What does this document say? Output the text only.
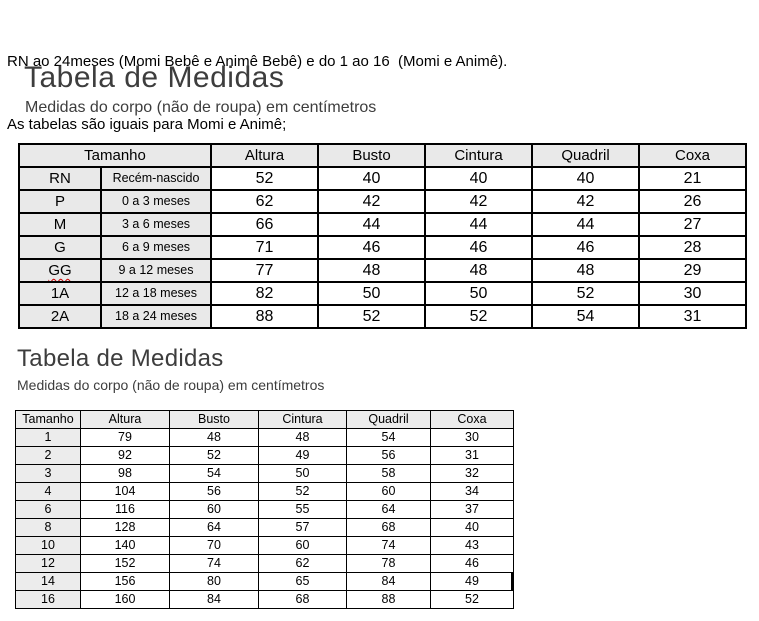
RN ao 24meses (Momi Bebê e Animê Bebê) e do 1 ao 16  (Momi e Animê).

As tabelas são iguais para Momi e Animê;

Tabela de Medidas
Medidas do corpo (não de roupa) em centímetros
Tamanho		Altura	Busto	Cintura	Quadril	Coxa
RN	Recém-nascido	52	40	40	40	21
P	0 a 3 meses	62	42	42	42	26
M	3 a 6 meses	66	44	44	44	27
G	6 a 9 meses	71	46	46	46	28
GG	9 a 12 meses	77	48	48	48	29
1A	12 a 18 meses	82	50	50	52	30
2A	18 a 24 meses	88	52	52	54	31
Tabela de Medidas
Medidas do corpo (não de roupa) em centímetros
Tamanho	Altura	Busto	Cintura	Quadril	Coxa
1	79	48	48	54	30
2	92	52	49	56	31
3	98	54	50	58	32
4	104	56	52	60	34
6	116	60	55	64	37
8	128	64	57	68	40
10	140	70	60	74	43
12	152	74	62	78	46
14	156	80	65	84	49
16	160	84	68	88	52
